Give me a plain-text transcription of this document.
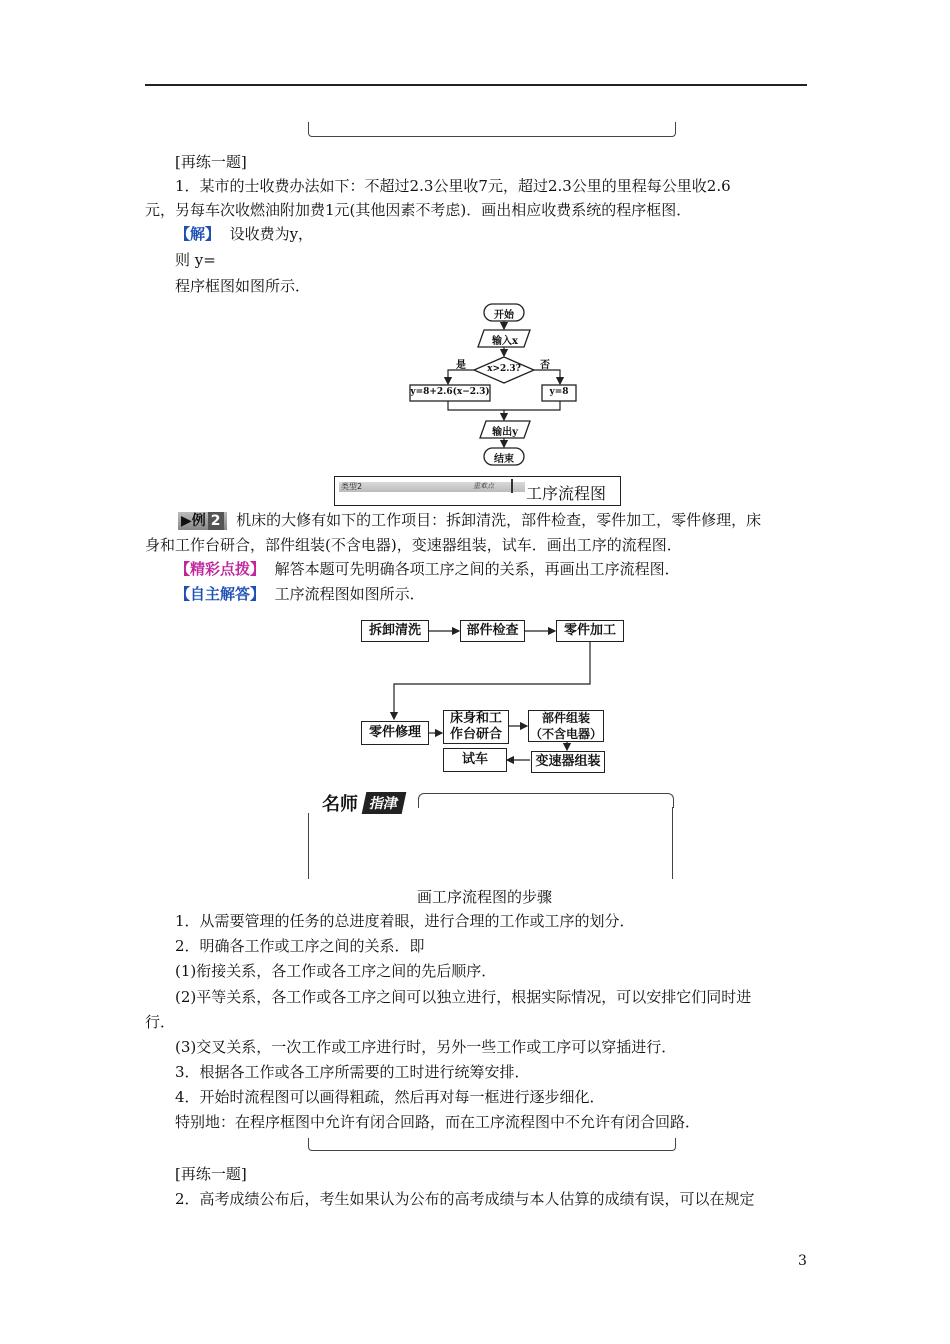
[再练一题]
1．某市的士收费办法如下：不超过2.3公里收7元，超过2.3公里的里程每公里收2.6
元，另每车次收燃油附加费1元(其他因素不考虑)．画出相应收费系统的程序框图．
【解】 设收费为y，
则 y=
程序框图如图所示．
开始
输入x
x>2.3?
是	否
y=8+2.6(x−2.3)	y=8
输出y
结束
类型2	重难点 工序流程图
▶例 2 机床的大修有如下的工作项目：拆卸清洗，部件检查，零件加工，零件修理，床
身和工作台研合，部件组装(不含电器)，变速器组装，试车．画出工序的流程图．
【精彩点拨】 解答本题可先明确各项工序之间的关系，再画出工序流程图．
【自主解答】 工序流程图如图所示．
拆卸清洗	部件检查	零件加工
零件修理
床身和工
作台研合
部件组装
（不含电器）
变速器组装
试车
名师 指津
画工序流程图的步骤
1．从需要管理的任务的总进度着眼，进行合理的工作或工序的划分．
2．明确各工作或工序之间的关系．即
(1)衔接关系，各工作或各工序之间的先后顺序．
(2)平等关系，各工作或各工序之间可以独立进行，根据实际情况，可以安排它们同时进
行．
(3)交叉关系，一次工作或工序进行时，另外一些工作或工序可以穿插进行．
3．根据各工作或各工序所需要的工时进行统筹安排．
4．开始时流程图可以画得粗疏，然后再对每一框进行逐步细化．
特别地：在程序框图中允许有闭合回路，而在工序流程图中不允许有闭合回路．
[再练一题]
2．高考成绩公布后，考生如果认为公布的高考成绩与本人估算的成绩有误，可以在规定
3
